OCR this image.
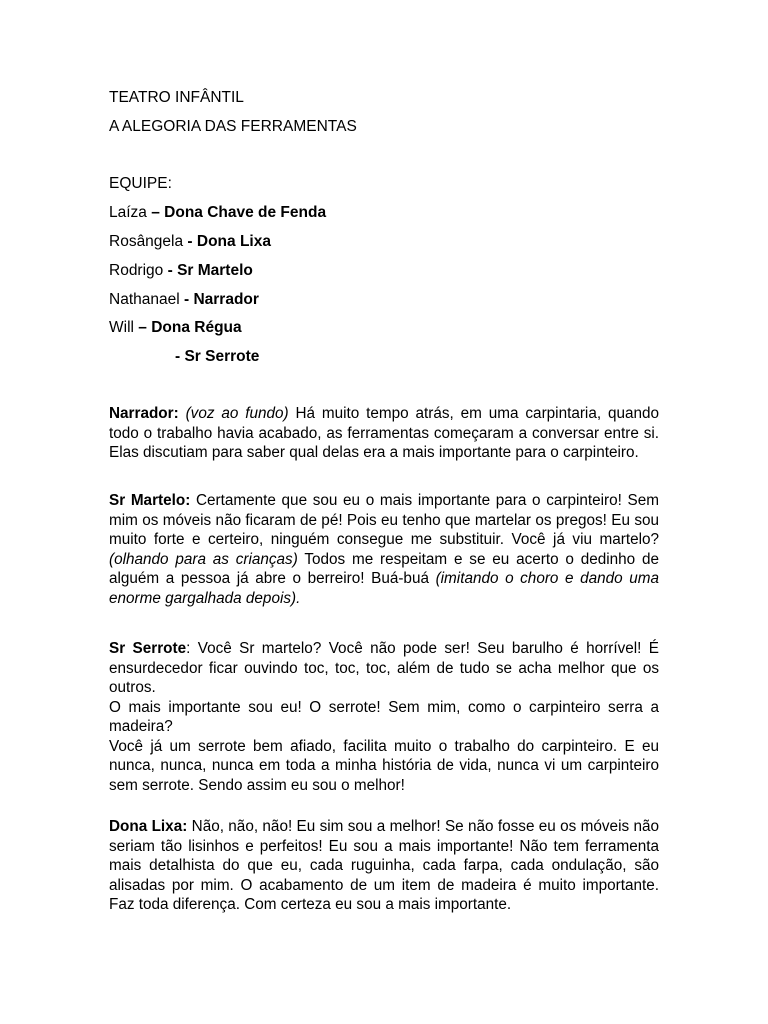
TEATRO INFÂNTIL
A ALEGORIA DAS FERRAMENTAS
EQUIPE:
Laíza – Dona Chave de Fenda
Rosângela - Dona Lixa
Rodrigo - Sr Martelo
Nathanael - Narrador
Will – Dona Régua
- Sr Serrote
Narrador: (voz ao fundo) Há muito tempo atrás, em uma carpintaria, quando todo o trabalho havia acabado, as ferramentas começaram a conversar entre si. Elas discutiam para saber qual delas era a mais importante para o carpinteiro.
Sr Martelo: Certamente que sou eu o mais importante para o carpinteiro! Sem mim os móveis não ficaram de pé! Pois eu tenho que martelar os pregos! Eu sou muito forte e certeiro, ninguém consegue me substituir. Você já viu martelo? (olhando para as crianças) Todos me respeitam e se eu acerto o dedinho de alguém a pessoa já abre o berreiro! Buá-buá (imitando o choro e dando uma enorme gargalhada depois).
Sr Serrote: Você Sr martelo? Você não pode ser! Seu barulho é horrível! É ensurdecedor ficar ouvindo toc, toc, toc, além de tudo se acha melhor que os outros.
O mais importante sou eu! O serrote! Sem mim, como o carpinteiro serra a madeira?
Você já um serrote bem afiado, facilita muito o trabalho do carpinteiro. E eu nunca, nunca, nunca em toda a minha história de vida, nunca vi um carpinteiro sem serrote. Sendo assim eu sou o melhor!
Dona Lixa: Não, não, não! Eu sim sou a melhor! Se não fosse eu os móveis não seriam tão lisinhos e perfeitos! Eu sou a mais importante! Não tem ferramenta mais detalhista do que eu, cada ruguinha, cada farpa, cada ondulação, são alisadas por mim. O acabamento de um item de madeira é muito importante. Faz toda diferença. Com certeza eu sou a mais importante.
